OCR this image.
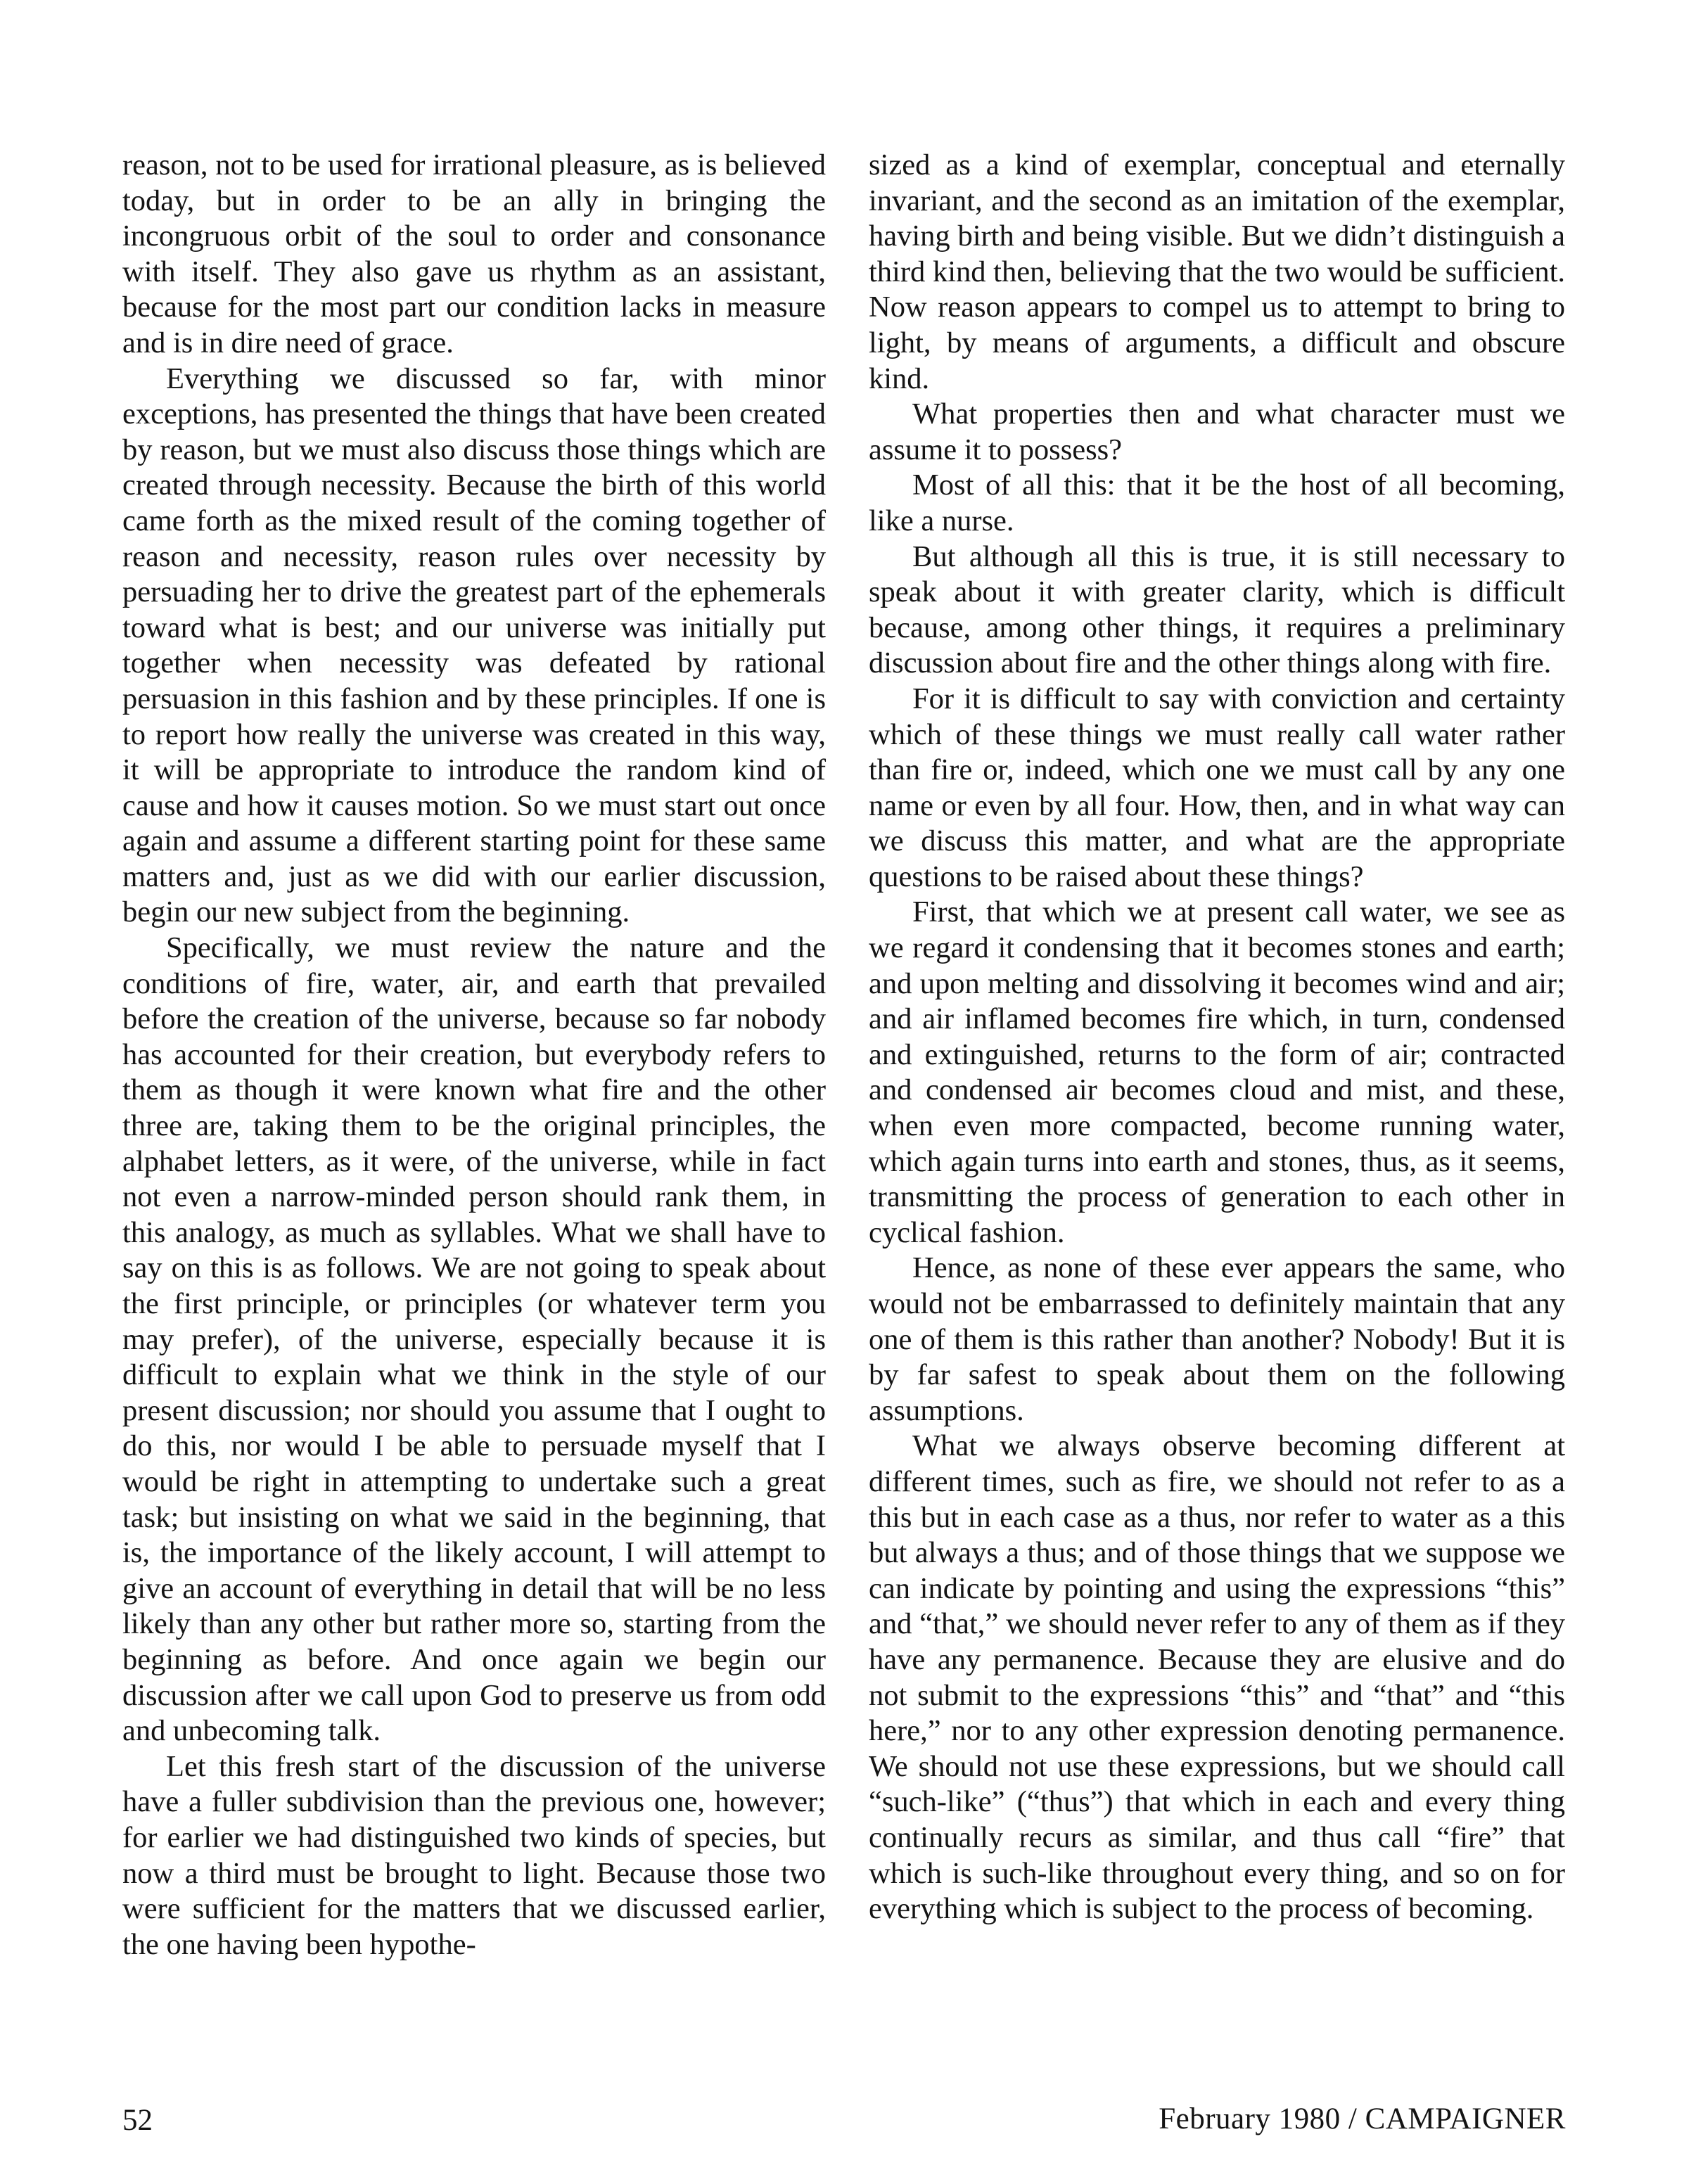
reason, not to be used for irrational pleasure, as is believed today, but in order to be an ally in bringing the incongruous orbit of the soul to order and consonance with itself. They also gave us rhythm as an assistant, because for the most part our condition lacks in measure and is in dire need of grace.

Everything we discussed so far, with minor exceptions, has presented the things that have been created by reason, but we must also discuss those things which are created through necessity. Because the birth of this world came forth as the mixed result of the coming together of reason and necessity, reason rules over necessity by persuading her to drive the greatest part of the ephemerals toward what is best; and our universe was initially put together when necessity was defeated by rational persuasion in this fashion and by these principles. If one is to report how really the universe was created in this way, it will be appropriate to introduce the random kind of cause and how it causes motion. So we must start out once again and assume a different starting point for these same matters and, just as we did with our earlier discussion, begin our new subject from the beginning.

Specifically, we must review the nature and the conditions of fire, water, air, and earth that prevailed before the creation of the universe, because so far nobody has accounted for their creation, but everybody refers to them as though it were known what fire and the other three are, taking them to be the original principles, the alphabet letters, as it were, of the universe, while in fact not even a narrow-minded person should rank them, in this analogy, as much as syllables. What we shall have to say on this is as follows. We are not going to speak about the first principle, or principles (or whatever term you may prefer), of the universe, especially because it is difficult to explain what we think in the style of our present discussion; nor should you assume that I ought to do this, nor would I be able to persuade myself that I would be right in attempting to undertake such a great task; but insisting on what we said in the beginning, that is, the importance of the likely account, I will attempt to give an account of everything in detail that will be no less likely than any other but rather more so, starting from the beginning as before. And once again we begin our discussion after we call upon God to preserve us from odd and unbecoming talk.

Let this fresh start of the discussion of the universe have a fuller subdivision than the previous one, however; for earlier we had distinguished two kinds of species, but now a third must be brought to light. Because those two were sufficient for the matters that we discussed earlier, the one having been hypothe-

sized as a kind of exemplar, conceptual and eternally invariant, and the second as an imitation of the exemplar, having birth and being visible. But we didn’t distinguish a third kind then, believing that the two would be sufficient. Now reason appears to compel us to attempt to bring to light, by means of arguments, a difficult and obscure kind.

What properties then and what character must we assume it to possess?

Most of all this: that it be the host of all becoming, like a nurse.

But although all this is true, it is still necessary to speak about it with greater clarity, which is difficult because, among other things, it requires a preliminary discussion about fire and the other things along with fire.

For it is difficult to say with conviction and certainty which of these things we must really call water rather than fire or, indeed, which one we must call by any one name or even by all four. How, then, and in what way can we discuss this matter, and what are the appropriate questions to be raised about these things?

First, that which we at present call water, we see as we regard it condensing that it becomes stones and earth; and upon melting and dissolving it becomes wind and air; and air inflamed becomes fire which, in turn, condensed and extinguished, returns to the form of air; contracted and condensed air becomes cloud and mist, and these, when even more compacted, become running water, which again turns into earth and stones, thus, as it seems, transmitting the process of generation to each other in cyclical fashion.

Hence, as none of these ever appears the same, who would not be embarrassed to definitely maintain that any one of them is this rather than another? Nobody! But it is by far safest to speak about them on the following assumptions.

What we always observe becoming different at different times, such as fire, we should not refer to as a this but in each case as a thus, nor refer to water as a this but always a thus; and of those things that we suppose we can indicate by pointing and using the expressions “this” and “that,” we should never refer to any of them as if they have any permanence. Because they are elusive and do not submit to the expressions “this” and “that” and “this here,” nor to any other expression denoting permanence. We should not use these expressions, but we should call “such-like” (“thus”) that which in each and every thing continually recurs as similar, and thus call “fire” that which is such-like throughout every thing, and so on for everything which is subject to the process of becoming.

52	February 1980 / CAMPAIGNER
